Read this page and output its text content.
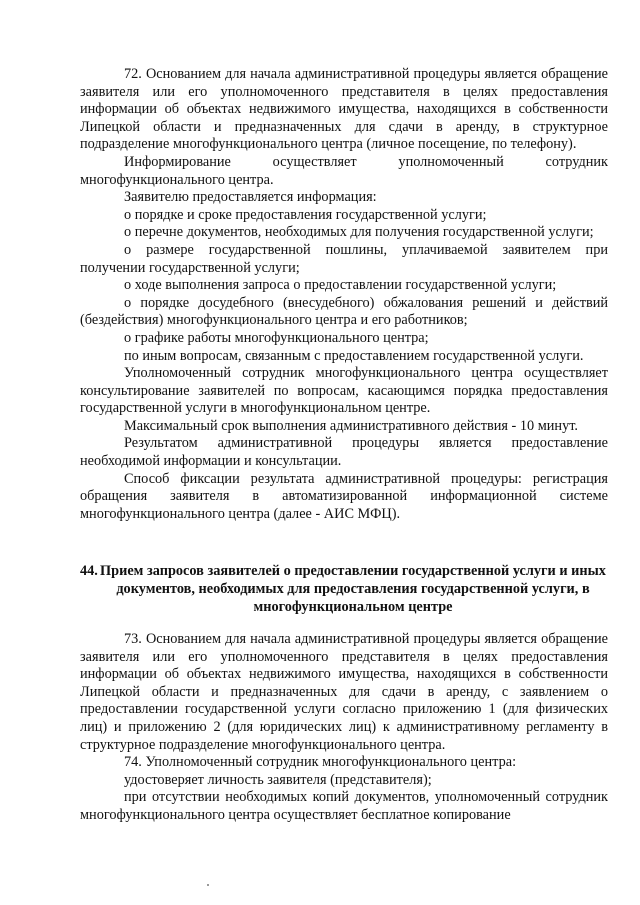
72. Основанием для начала административной процедуры является обращение заявителя или его уполномоченного представителя в целях предоставления информации об объектах недвижимого имущества, находящихся в собственности Липецкой области и предназначенных для сдачи в аренду, в структурное подразделение многофункционального центра (личное посещение, по телефону).

Информирование осуществляет уполномоченный сотрудник многофункционального центра.

Заявителю предоставляется информация:

о порядке и сроке предоставления государственной услуги;

о перечне документов, необходимых для получения государственной услуги;

о размере государственной пошлины, уплачиваемой заявителем при получении государственной услуги;

о ходе выполнения запроса о предоставлении государственной услуги;

о порядке досудебного (внесудебного) обжалования решений и действий (бездействия) многофункционального центра и его работников;

о графике работы многофункционального центра;

по иным вопросам, связанным с предоставлением государственной услуги.

Уполномоченный сотрудник многофункционального центра осуществляет консультирование заявителей по вопросам, касающимся порядка предоставления государственной услуги в многофункциональном центре.

Максимальный срок выполнения административного действия - 10 минут.

Результатом административной процедуры является предоставление необходимой информации и консультации.

Способ фиксации результата административной процедуры: регистрация обращения заявителя в автоматизированной информационной системе многофункционального центра (далее - АИС МФЦ).

44. Прием запросов заявителей о предоставлении государственной услуги и иных документов, необходимых для предоставления государственной услуги, в многофункциональном центре

73. Основанием для начала административной процедуры является обращение заявителя или его уполномоченного представителя в целях предоставления информации об объектах недвижимого имущества, находящихся в собственности Липецкой области и предназначенных для сдачи в аренду, с заявлением о предоставлении государственной услуги согласно приложению 1 (для физических лиц) и приложению 2 (для юридических лиц) к административному регламенту в структурное подразделение многофункционального центра.

74. Уполномоченный сотрудник многофункционального центра:

удостоверяет личность заявителя (представителя);

при отсутствии необходимых копий документов, уполномоченный сотрудник многофункционального центра осуществляет бесплатное копирование
